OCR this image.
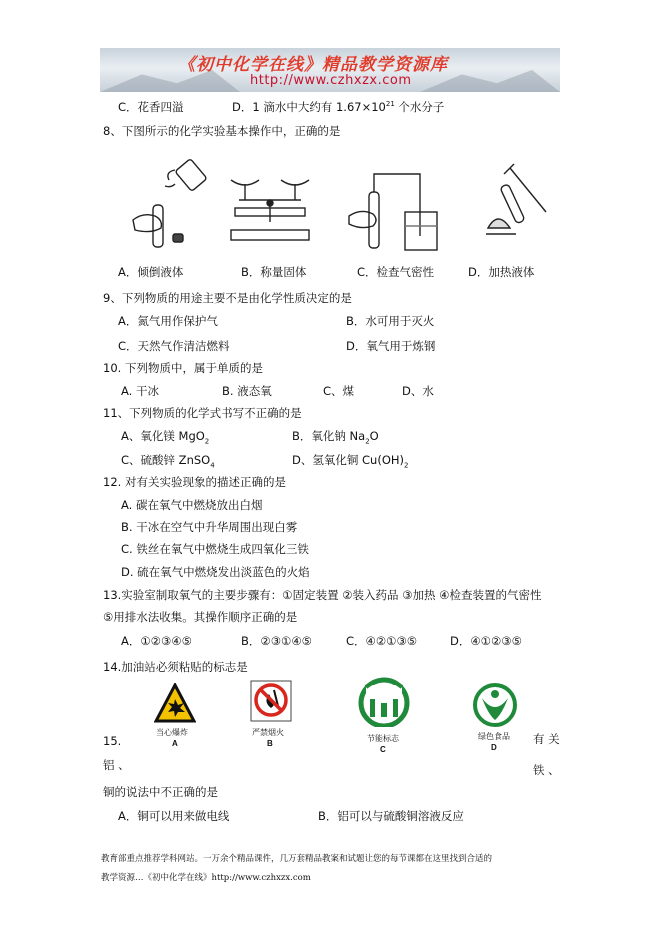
《初中化学在线》精品教学资源库
http://www.czhxzx.com
C．花香四溢	D．1 滴水中大约有 $1.67\times 10^{21}$ 个水分子
8、下图所示的化学实验基本操作中，正确的是
A．倾倒液体	B．称量固体	C．检查气密性	D．加热液体
9、下列物质的用途主要不是由化学性质决定的是
A．氮气用作保护气	B．水可用于灭火
C．天然气作清洁燃料	D．氧气用于炼钢
10. 下列物质中，属于单质的是
A. 干冰	B. 液态氧	C、煤	D、水
11、下列物质的化学式书写不正确的是
A、氧化镁 MgO$_2$	B．氧化钠 $Na_2O$
C、硫酸锌 ZnSO$_4$	D、氢氧化铜 $Cu(OH)_2$
12. 对有关实验现象的描述正确的是
A. 碳在氧气中燃烧放出白烟
B. 干冰在空气中升华周围出现白雾
C. 铁丝在氧气中燃烧生成四氧化三铁
D. 硫在氧气中燃烧发出淡蓝色的火焰
13.实验室制取氧气的主要步骤有：①固定装置 ②装入药品 ③加热 ④检查装置的气密性
⑤用排水法收集。其操作顺序正确的是
A．①②③④⑤	B．②③①④⑤	C．④②①③⑤	D．④①②③⑤
14.加油站必须粘贴的标志是
当心爆炸
A
严禁烟火
B
节能标志
C
绿色食品
D
15.	有 关
铝 、	铁 、
铜的说法中不正确的是
A．铜可以用来做电线	B．铝可以与硫酸铜溶液反应
教育部重点推荐学科网站。一万余个精品课件，几万套精品教案和试题让您的每节课都在这里找到合适的
教学资源…《初中化学在线》http://www.czhxzx.com
